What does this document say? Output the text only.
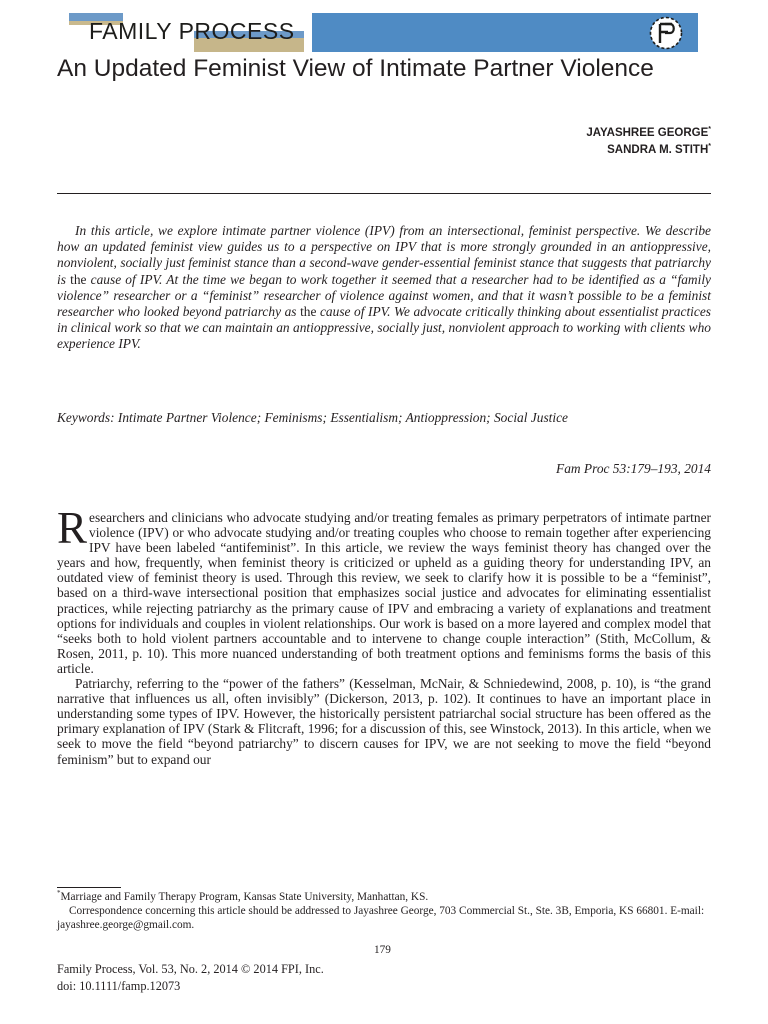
FAMILY PROCESS
An Updated Feminist View of Intimate Partner Violence
JAYASHREE GEORGE*
SANDRA M. STITH*

In this article, we explore intimate partner violence (IPV) from an intersectional, feminist perspective. We describe how an updated feminist view guides us to a perspective on IPV that is more strongly grounded in an antioppressive, nonviolent, socially just feminist stance than a second-wave gender-essential feminist stance that suggests that patriarchy is the cause of IPV. At the time we began to work together it seemed that a researcher had to be identified as a “family violence” researcher or a “feminist” researcher of violence against women, and that it wasn’t possible to be a feminist researcher who looked beyond patriarchy as the cause of IPV. We advocate critically thinking about essentialist practices in clinical work so that we can maintain an antioppressive, socially just, nonviolent approach to working with clients who experience IPV.

Keywords: Intimate Partner Violence; Feminisms; Essentialism; Antioppression; Social Justice
Fam Proc 53:179–193, 2014

Researchers and clinicians who advocate studying and/or treating females as primary perpetrators of intimate partner violence (IPV) or who advocate studying and/or treating couples who choose to remain together after experiencing IPV have been labeled “antifeminist”. In this article, we review the ways feminist theory has changed over the years and how, frequently, when feminist theory is criticized or upheld as a guiding theory for understanding IPV, an outdated view of feminist theory is used. Through this review, we seek to clarify how it is possible to be a “feminist”, based on a third-wave intersectional position that emphasizes social justice and advocates for eliminating essentialist practices, while rejecting patriarchy as the primary cause of IPV and embracing a variety of explanations and treatment options for individuals and couples in violent relationships. Our work is based on a more layered and complex model that “seeks both to hold violent partners accountable and to intervene to change couple interaction” (Stith, McCollum, & Rosen, 2011, p. 10). This more nuanced understanding of both treatment options and feminisms forms the basis of this article.

Patriarchy, referring to the “power of the fathers” (Kesselman, McNair, & Schniedewind, 2008, p. 10), is “the grand narrative that influences us all, often invisibly” (Dickerson, 2013, p. 102). It continues to have an important place in understanding some types of IPV. However, the historically persistent patriarchal social structure has been offered as the primary explanation of IPV (Stark & Flitcraft, 1996; for a discussion of this, see Winstock, 2013). In this article, when we seek to move the field “beyond patriarchy” to discern causes for IPV, we are not seeking to move the field “beyond feminism” but to expand our

*Marriage and Family Therapy Program, Kansas State University, Manhattan, KS.

Correspondence concerning this article should be addressed to Jayashree George, 703 Commercial St., Ste. 3B, Emporia, KS 66801. E-mail: jayashree.george@gmail.com.

179
Family Process, Vol. 53, No. 2, 2014 © 2014 FPI, Inc.
doi: 10.1111/famp.12073
